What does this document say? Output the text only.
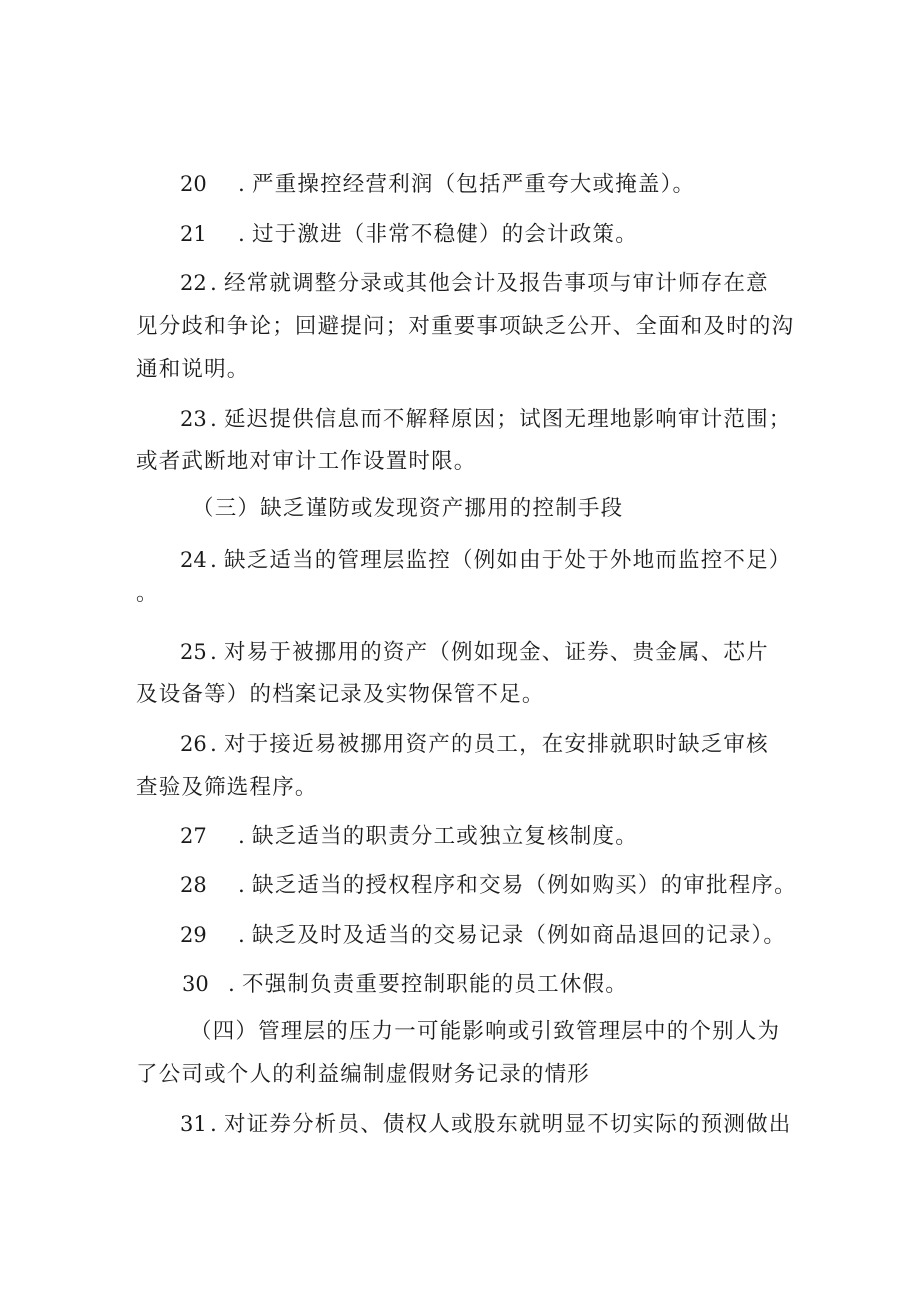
20 . 严重操控经营利润（包括严重夸大或掩盖）。
21 . 过于激进（非常不稳健）的会计政策。
22 . 经常就调整分录或其他会计及报告事项与审计师存在意
见分歧和争论；回避提问；对重要事项缺乏公开、全面和及时的沟
通和说明。
23 . 延迟提供信息而不解释原因；试图无理地影响审计范围；
或者武断地对审计工作设置时限。
（三）缺乏谨防或发现资产挪用的控制手段
24 . 缺乏适当的管理层监控（例如由于处于外地而监控不足）
。
25 . 对易于被挪用的资产（例如现金、证券、贵金属、芯片
及设备等）的档案记录及实物保管不足。
26 . 对于接近易被挪用资产的员工，在安排就职时缺乏审核
查验及筛选程序。
27 . 缺乏适当的职责分工或独立复核制度。
28 . 缺乏适当的授权程序和交易（例如购买）的审批程序。
29 . 缺乏及时及适当的交易记录（例如商品退回的记录）。
30 . 不强制负责重要控制职能的员工休假。
（四）管理层的压力一可能影响或引致管理层中的个别人为
了公司或个人的利益编制虚假财务记录的情形
31 . 对证券分析员、债权人或股东就明显不切实际的预测做出
